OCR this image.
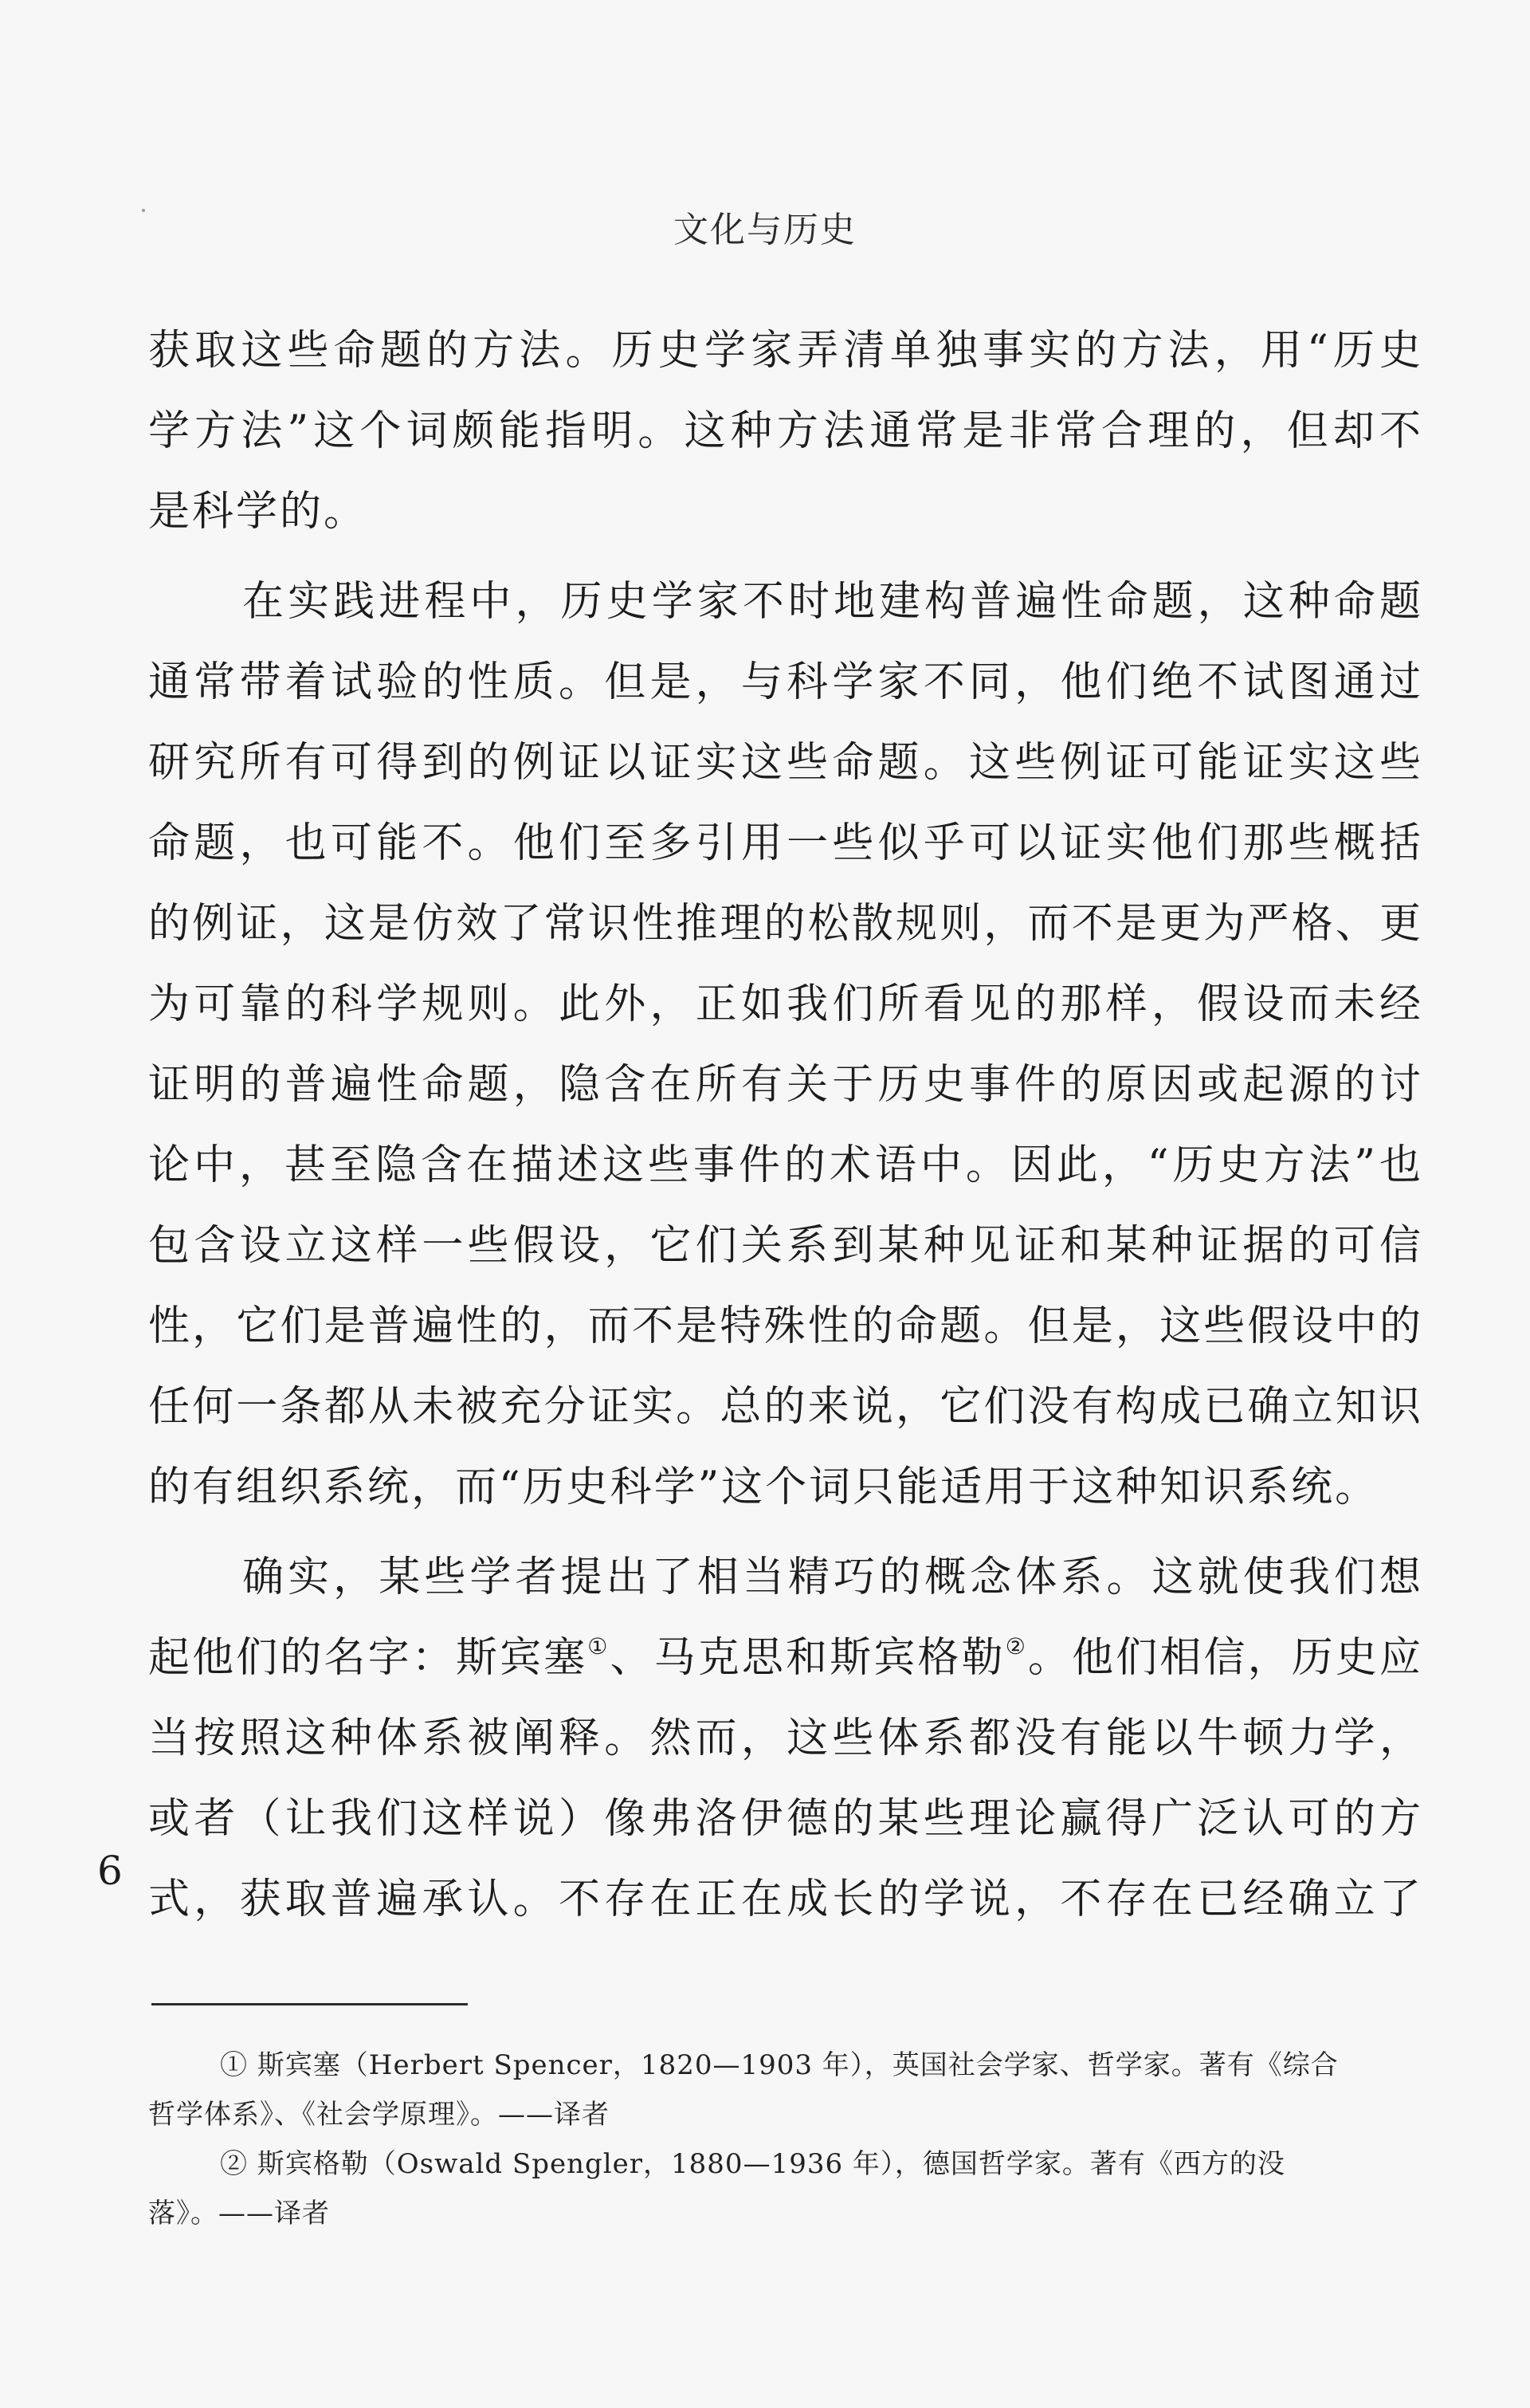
文化与历史
获取这些命题的方法。历史学家弄清单独事实的方法，用“历史
学方法”这个词颇能指明。这种方法通常是非常合理的，但却不
是科学的。
在实践进程中，历史学家不时地建构普遍性命题，这种命题
通常带着试验的性质。但是，与科学家不同，他们绝不试图通过
研究所有可得到的例证以证实这些命题。这些例证可能证实这些
命题，也可能不。他们至多引用一些似乎可以证实他们那些概括
的例证，这是仿效了常识性推理的松散规则，而不是更为严格、更
为可靠的科学规则。此外，正如我们所看见的那样，假设而未经
证明的普遍性命题，隐含在所有关于历史事件的原因或起源的讨
论中，甚至隐含在描述这些事件的术语中。因此，“历史方法”也
包含设立这样一些假设，它们关系到某种见证和某种证据的可信
性，它们是普遍性的，而不是特殊性的命题。但是，这些假设中的
任何一条都从未被充分证实。总的来说，它们没有构成已确立知识
的有组织系统，而“历史科学”这个词只能适用于这种知识系统。
确实，某些学者提出了相当精巧的概念体系。这就使我们想
起他们的名字：斯宾塞①、马克思和斯宾格勒②。他们相信，历史应
当按照这种体系被阐释。然而，这些体系都没有能以牛顿力学，
或者（让我们这样说）像弗洛伊德的某些理论赢得广泛认可的方
式，获取普遍承认。不存在正在成长的学说，不存在已经确立了
6
① 斯宾塞（Herbert Spencer，1820—1903 年），英国社会学家、哲学家。著有《综合
哲学体系》、《社会学原理》。——译者
② 斯宾格勒（Oswald Spengler，1880—1936 年），德国哲学家。著有《西方的没
落》。——译者
